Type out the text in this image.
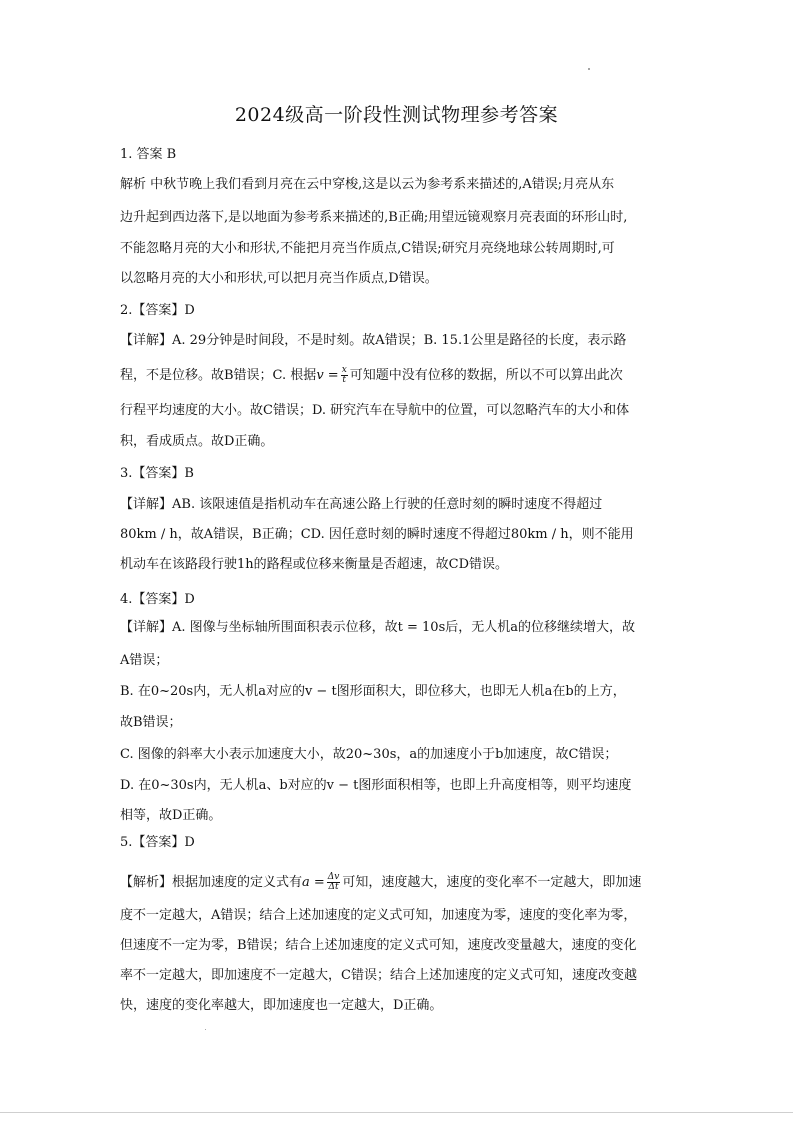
2024级高一阶段性测试物理参考答案
1. 答案 B
解析 中秋节晚上我们看到月亮在云中穿梭,这是以云为参考系来描述的,A错误;月亮从东
边升起到西边落下,是以地面为参考系来描述的,B正确;用望远镜观察月亮表面的环形山时,
不能忽略月亮的大小和形状,不能把月亮当作质点,C错误;研究月亮绕地球公转周期时,可
以忽略月亮的大小和形状,可以把月亮当作质点,D错误。
2.【答案】D
【详解】A. 29分钟是时间段，不是时刻。故A错误；B. 15.1公里是路径的长度，表示路
程，不是位移。故B错误；C. 根据$v = \frac{x}{t}$ 可知题中没有位移的数据，所以不可以算出此次
行程平均速度的大小。故C错误；D. 研究汽车在导航中的位置，可以忽略汽车的大小和体
积，看成质点。故D正确。
3.【答案】B
【详解】AB. 该限速值是指机动车在高速公路上行驶的任意时刻的瞬时速度不得超过
80km / h，故A错误，B正确；CD. 因任意时刻的瞬时速度不得超过80km / h，则不能用
机动车在该路段行驶1h的路程或位移来衡量是否超速，故CD错误。
4.【答案】D
【详解】A. 图像与坐标轴所围面积表示位移，故t = 10s后，无人机a的位移继续增大，故
A错误；
B. 在0~20s内，无人机a对应的v − t图形面积大，即位移大，也即无人机a在b的上方，
故B错误；
C. 图像的斜率大小表示加速度大小，故20~30s，a的加速度小于b加速度，故C错误；
D. 在0~30s内，无人机a、b对应的v − t图形面积相等，也即上升高度相等，则平均速度
相等，故D正确。
5.【答案】D
【解析】根据加速度的定义式有$a = \frac{\Delta v}{\Delta t}$ 可知，速度越大，速度的变化率不一定越大，即加速
度不一定越大，A错误；结合上述加速度的定义式可知，加速度为零，速度的变化率为零，
但速度不一定为零，B错误；结合上述加速度的定义式可知，速度改变量越大，速度的变化
率不一定越大，即加速度不一定越大，C错误；结合上述加速度的定义式可知，速度改变越
快，速度的变化率越大，即加速度也一定越大，D正确。
